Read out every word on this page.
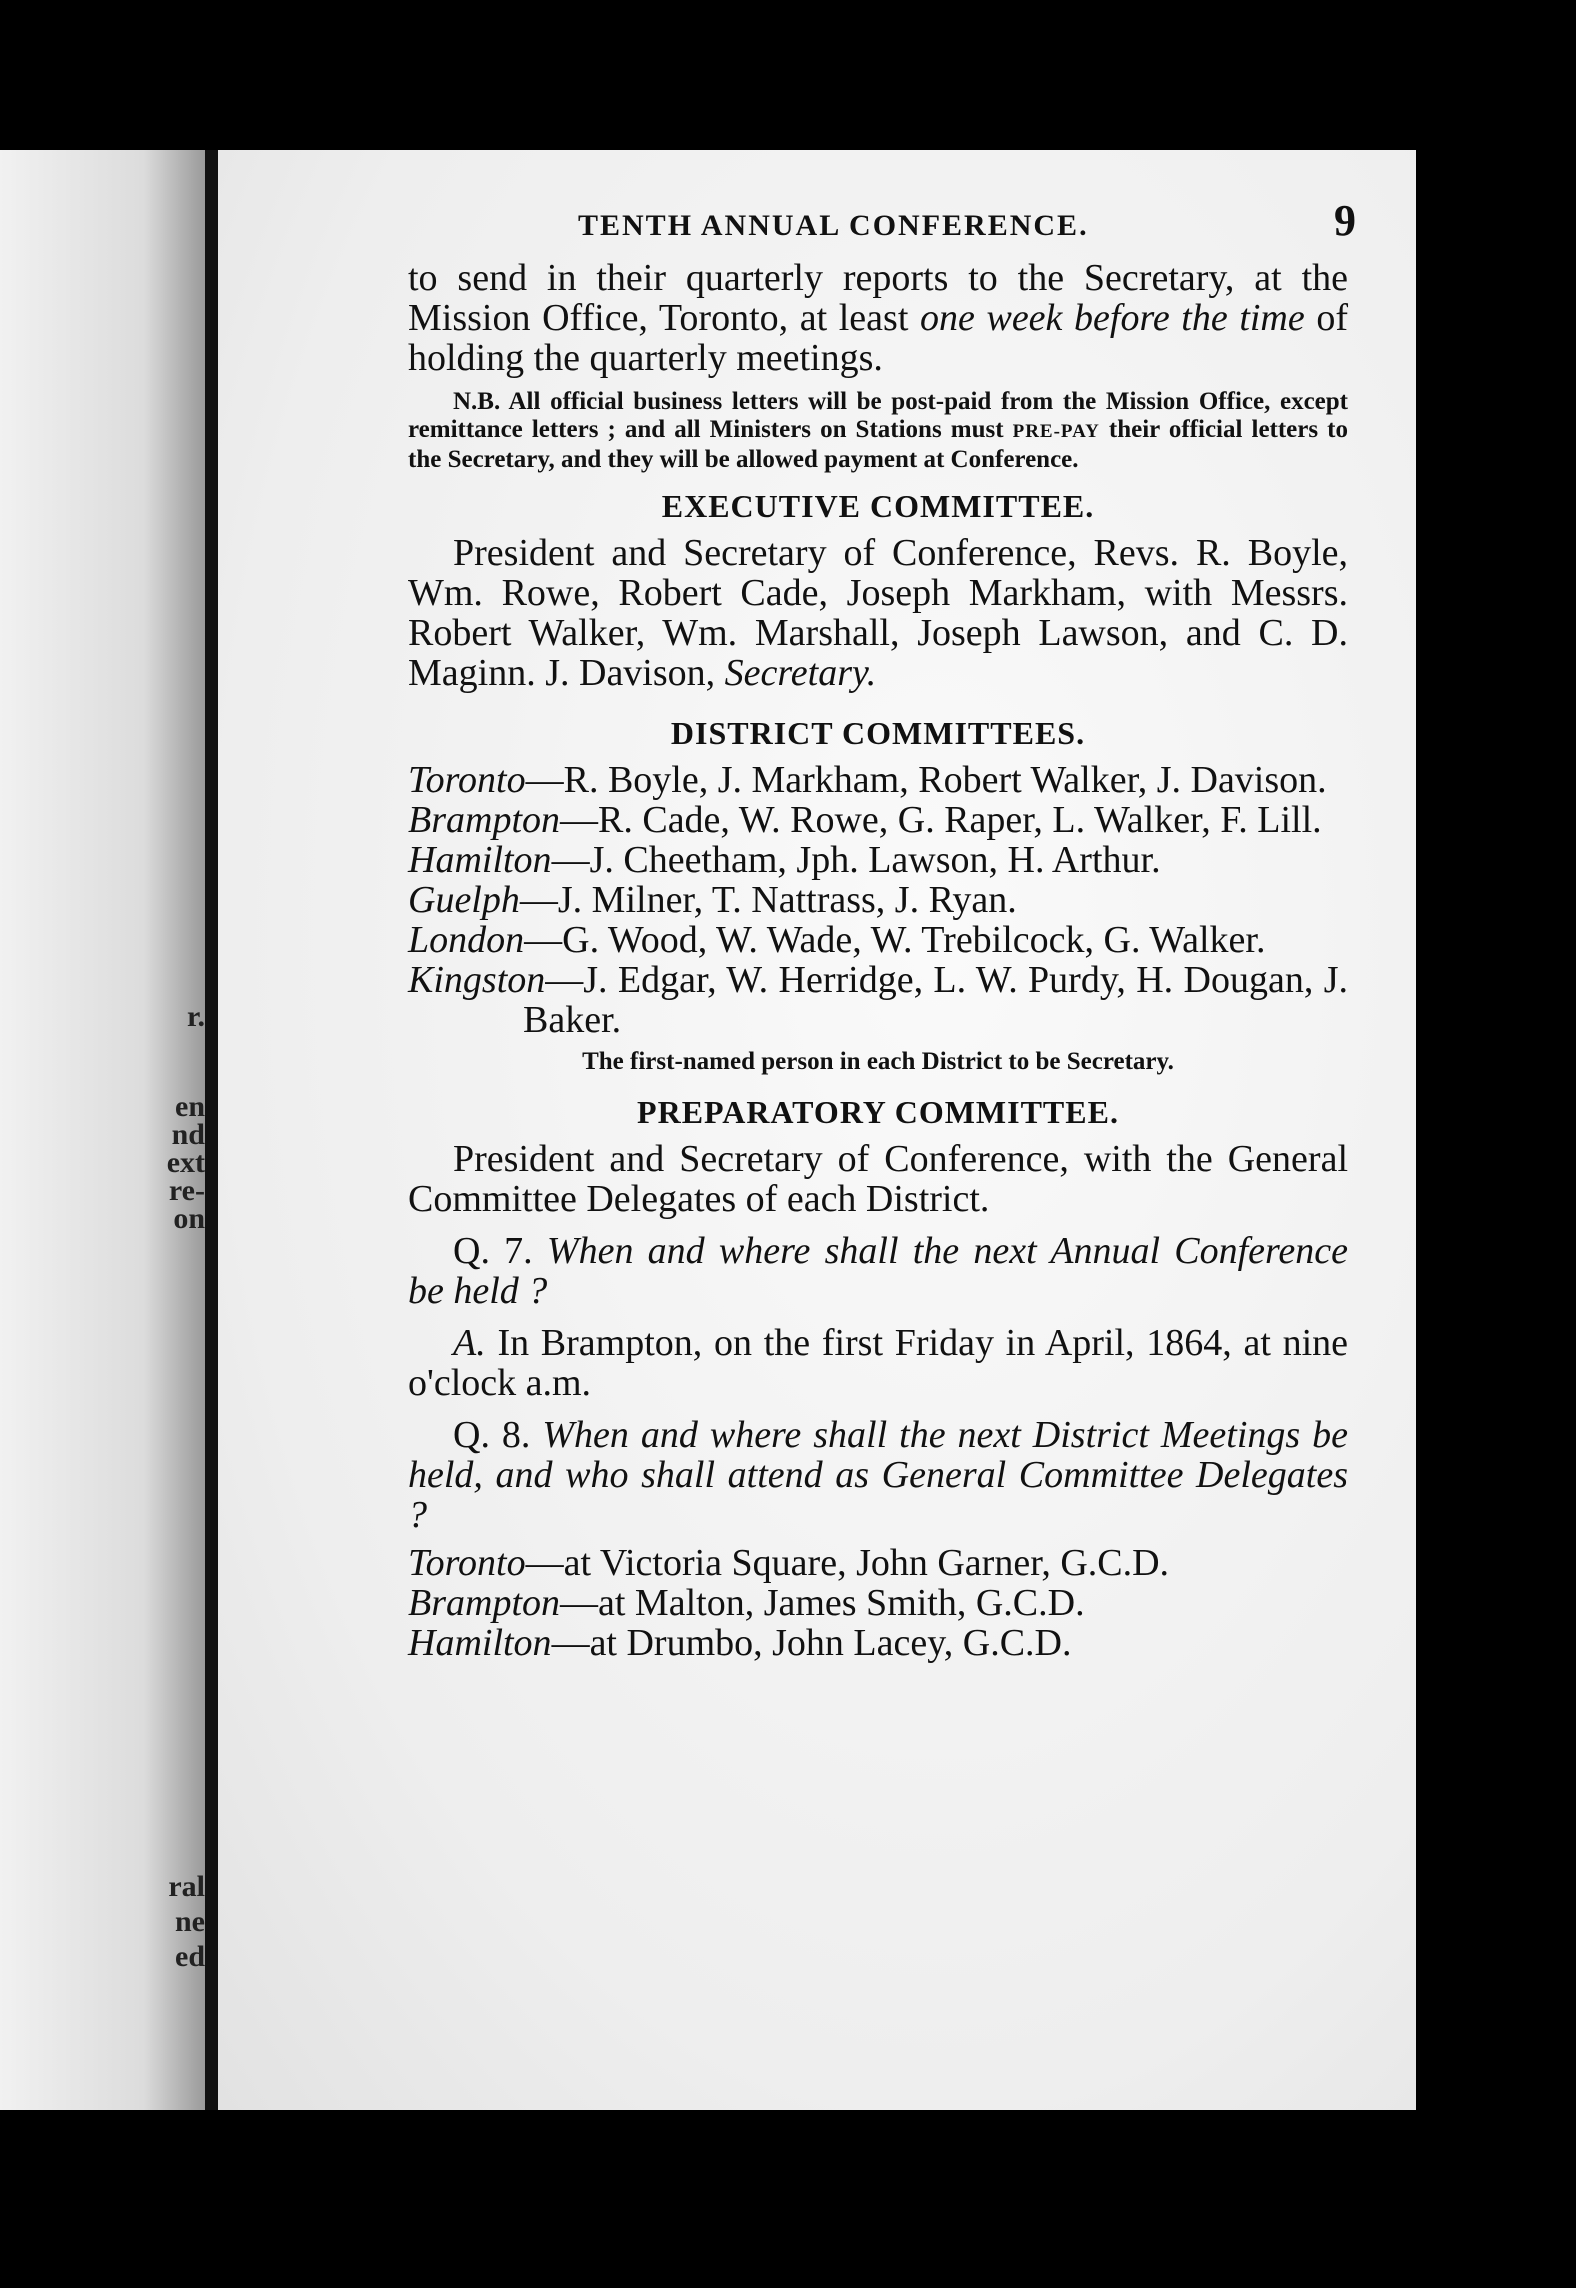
r.
en
nd
ext
re-
on
ral
ne
ed
TENTH ANNUAL CONFERENCE.	9

to send in their quarterly reports to the Secretary, at the Mission Office, Toronto, at least one week before the time of holding the quarterly meetings.

N.B. All official business letters will be post-paid from the Mission Office, except remittance letters ; and all Ministers on Stations must PRE-PAY their official letters to the Secretary, and they will be allowed payment at Conference.

EXECUTIVE COMMITTEE.

President and Secretary of Conference, Revs. R. Boyle, Wm. Rowe, Robert Cade, Joseph Markham, with Messrs. Robert Walker, Wm. Marshall, Joseph Lawson, and C. D. Maginn. J. Davison, Secretary.

DISTRICT COMMITTEES.

Toronto—R. Boyle, J. Markham, Robert Walker, J. Davison.

Brampton—R. Cade, W. Rowe, G. Raper, L. Walker, F. Lill.

Hamilton—J. Cheetham, Jph. Lawson, H. Arthur.

Guelph—J. Milner, T. Nattrass, J. Ryan.

London—G. Wood, W. Wade, W. Trebilcock, G. Walker.

Kingston—J. Edgar, W. Herridge, L. W. Purdy, H. Dougan, J. Baker.

The first-named person in each District to be Secretary.
PREPARATORY COMMITTEE.

President and Secretary of Conference, with the General Committee Delegates of each District.

Q. 7. When and where shall the next Annual Conference be held ?

A. In Brampton, on the first Friday in April, 1864, at nine o'clock a.m.

Q. 8. When and where shall the next District Meetings be held, and who shall attend as General Committee Delegates ?

Toronto—at Victoria Square, John Garner, G.C.D.

Brampton—at Malton, James Smith, G.C.D.

Hamilton—at Drumbo, John Lacey, G.C.D.
